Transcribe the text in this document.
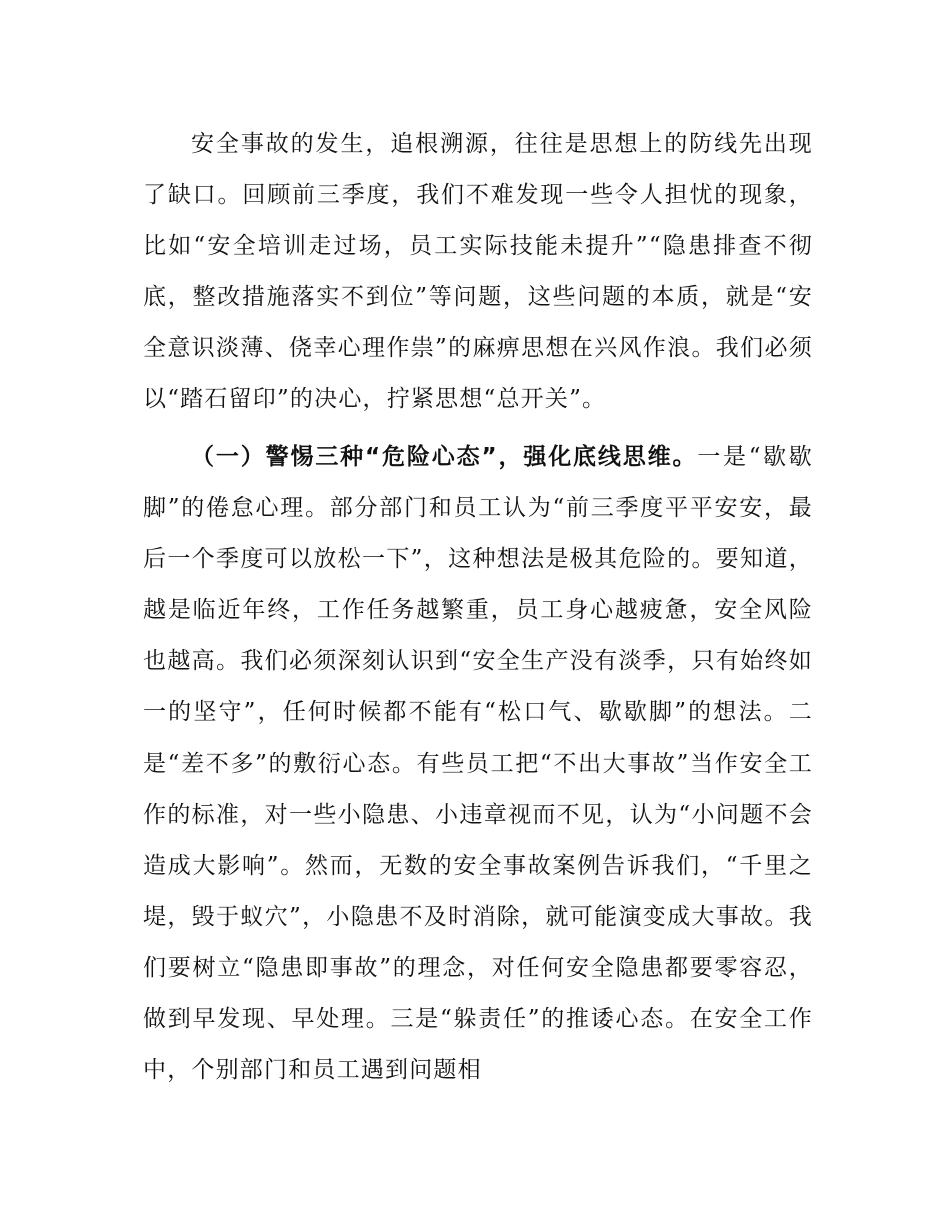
安全事故的发生，追根溯源，往往是思想上的防线先出现了缺口。回顾前三季度，我们不难发现一些令人担忧的现象，比如“安全培训走过场，员工实际技能未提升”“隐患排查不彻底，整改措施落实不到位”等问题，这些问题的本质，就是“安全意识淡薄、侥幸心理作祟”的麻痹思想在兴风作浪。我们必须以“踏石留印”的决心，拧紧思想“总开关”。

（一）警惕三种“危险心态”，强化底线思维。一是“歇歇脚”的倦怠心理。部分部门和员工认为“前三季度平平安安，最后一个季度可以放松一下”，这种想法是极其危险的。要知道，越是临近年终，工作任务越繁重，员工身心越疲惫，安全风险也越高。我们必须深刻认识到“安全生产没有淡季，只有始终如一的坚守”，任何时候都不能有“松口气、歇歇脚”的想法。二是“差不多”的敷衍心态。有些员工把“不出大事故”当作安全工作的标准，对一些小隐患、小违章视而不见，认为“小问题不会造成大影响”。然而，无数的安全事故案例告诉我们，“千里之堤，毁于蚁穴”，小隐患不及时消除，就可能演变成大事故。我们要树立“隐患即事故”的理念，对任何安全隐患都要零容忍，做到早发现、早处理。三是“躲责任”的推诿心态。在安全工作中，个别部门和员工遇到问题相
